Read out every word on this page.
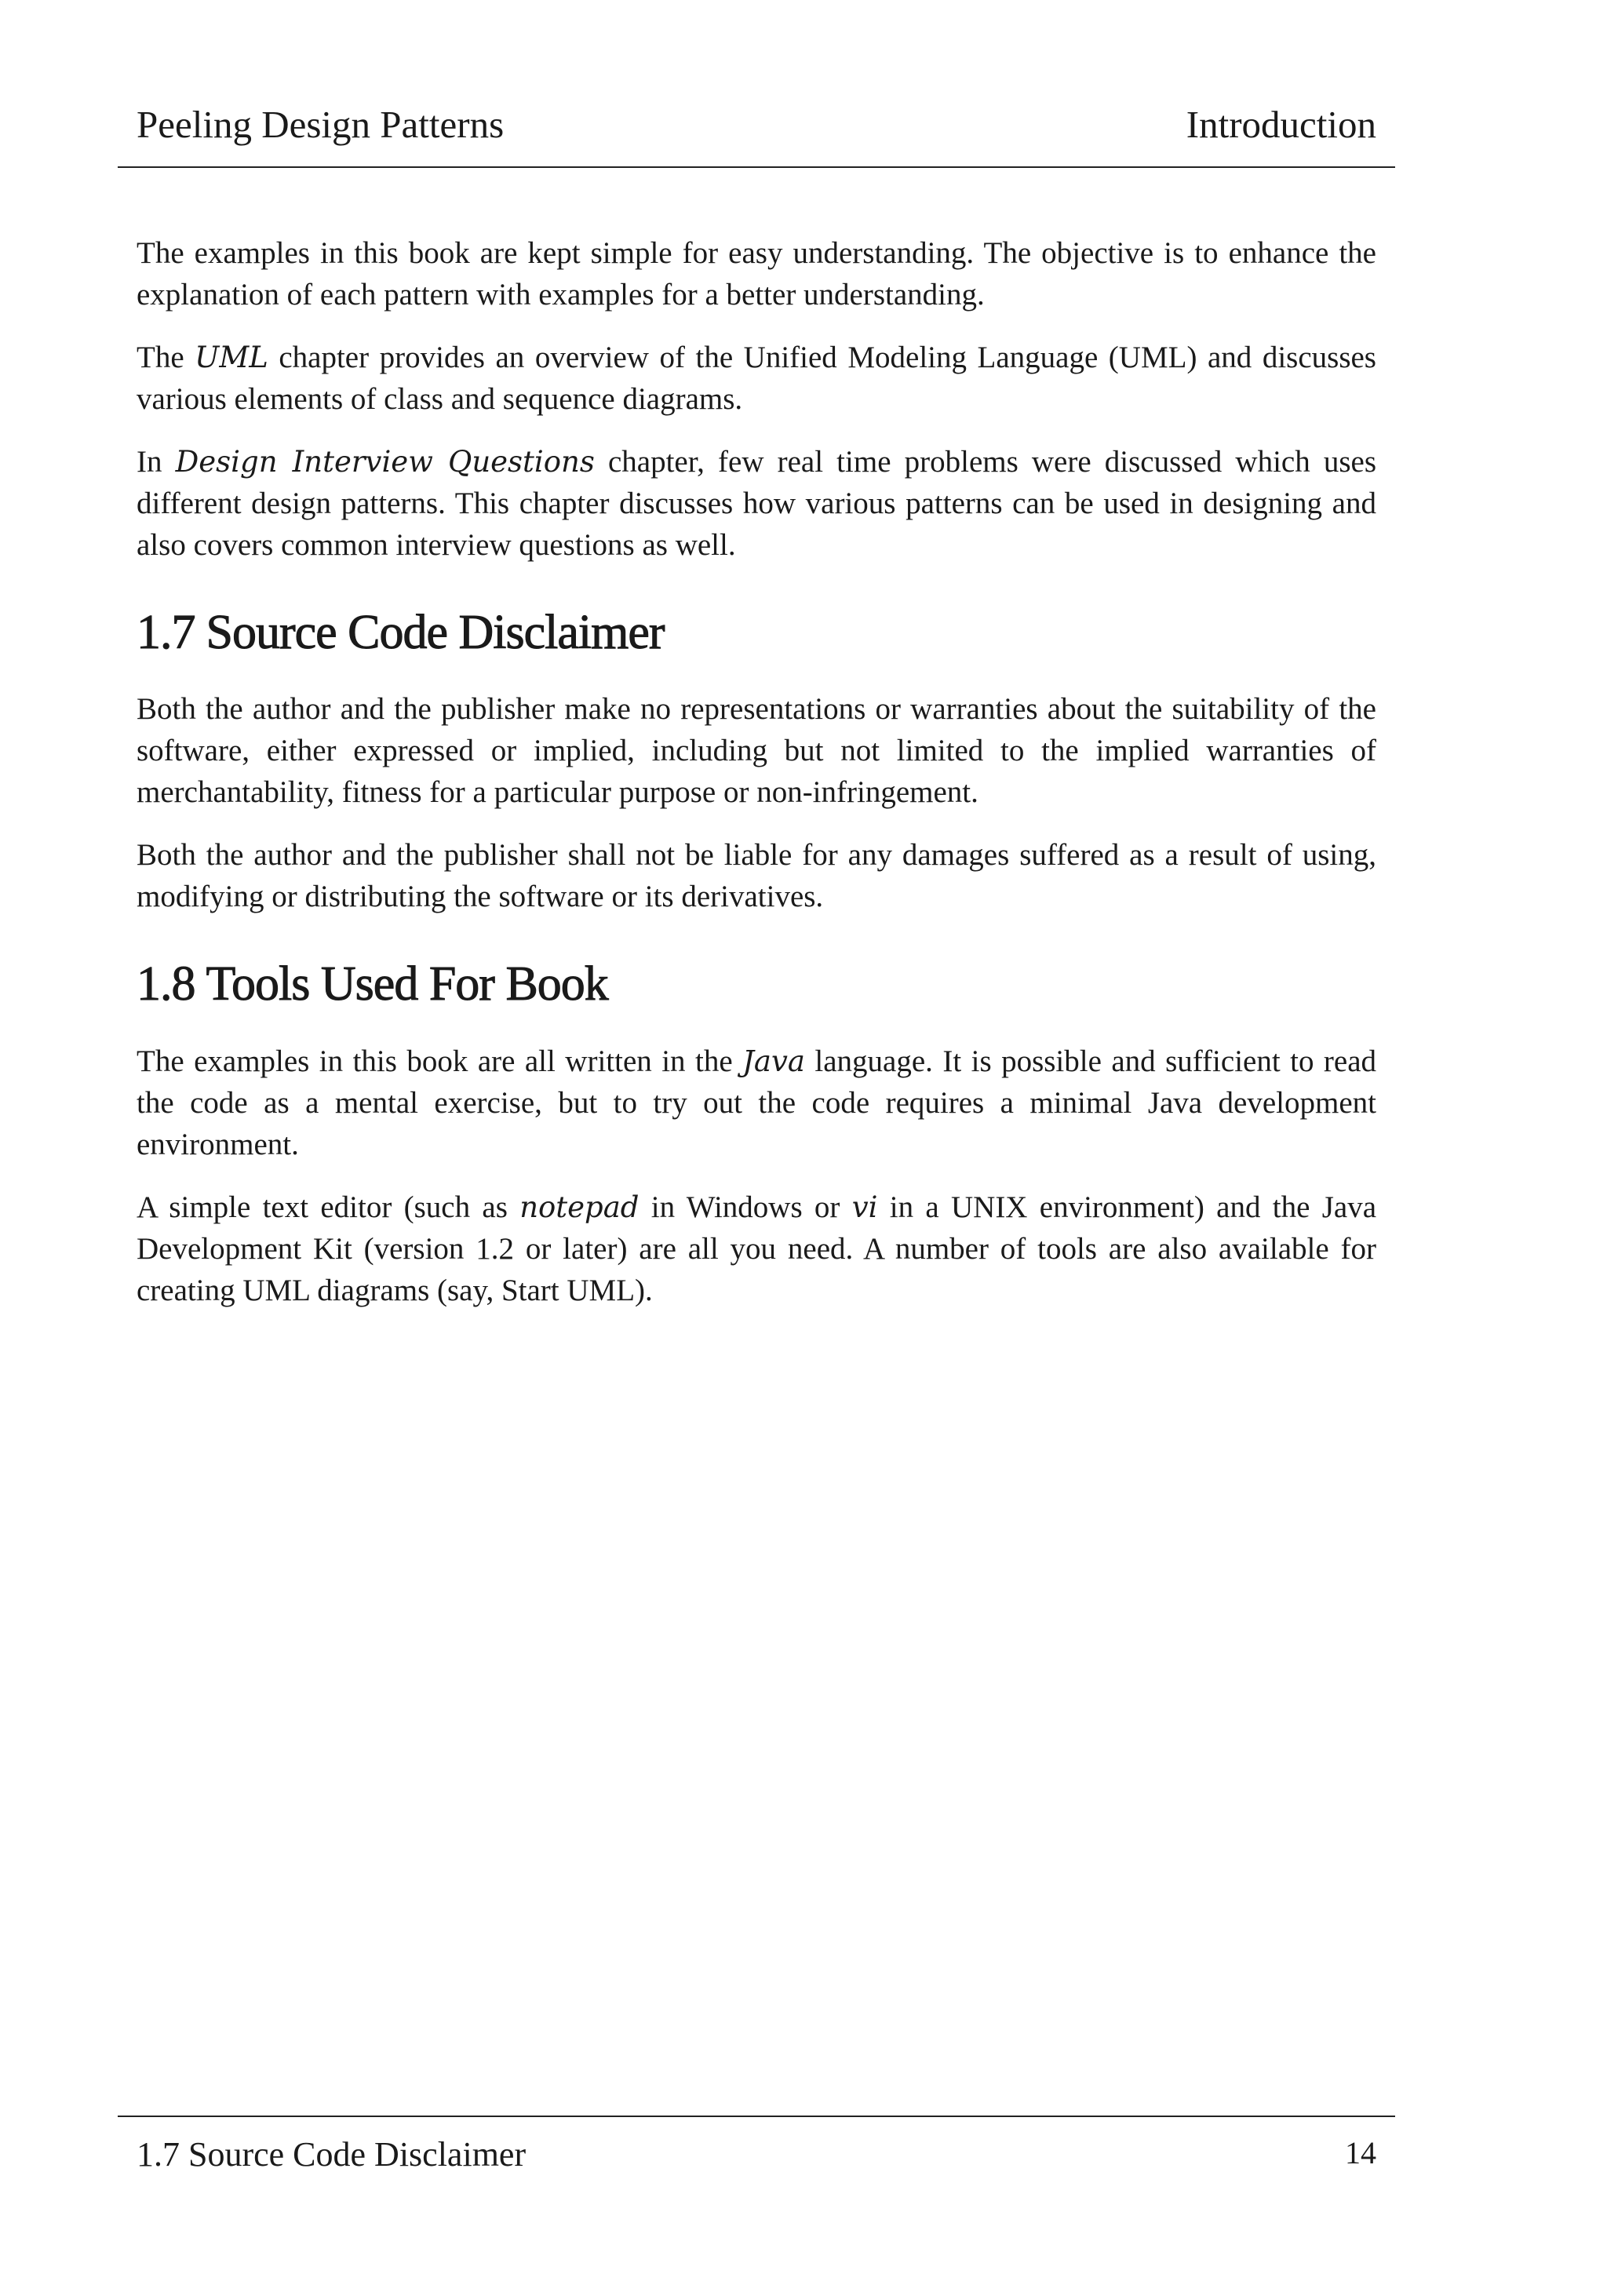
Peeling Design Patterns	Introduction

The examples in this book are kept simple for easy understanding. The objective is to enhance the explanation of each pattern with examples for a better understanding.

The UML chapter provides an overview of the Unified Modeling Language (UML) and discusses various elements of class and sequence diagrams.

In Design Interview Questions chapter, few real time problems were discussed which uses different design patterns. This chapter discusses how various patterns can be used in designing and also covers common interview questions as well.

1.7 Source Code Disclaimer

Both the author and the publisher make no representations or warranties about the suitability of the software, either expressed or implied, including but not limited to the implied warranties of merchantability, fitness for a particular purpose or non-infringement.

Both the author and the publisher shall not be liable for any damages suffered as a result of using, modifying or distributing the software or its derivatives.

1.8 Tools Used For Book

The examples in this book are all written in the Java language. It is possible and sufficient to read the code as a mental exercise, but to try out the code requires a minimal Java development environment.

A simple text editor (such as notepad in Windows or vi in a UNIX environment) and the Java Development Kit (version 1.2 or later) are all you need. A number of tools are also available for creating UML diagrams (say, Start UML).

1.7 Source Code Disclaimer	14
